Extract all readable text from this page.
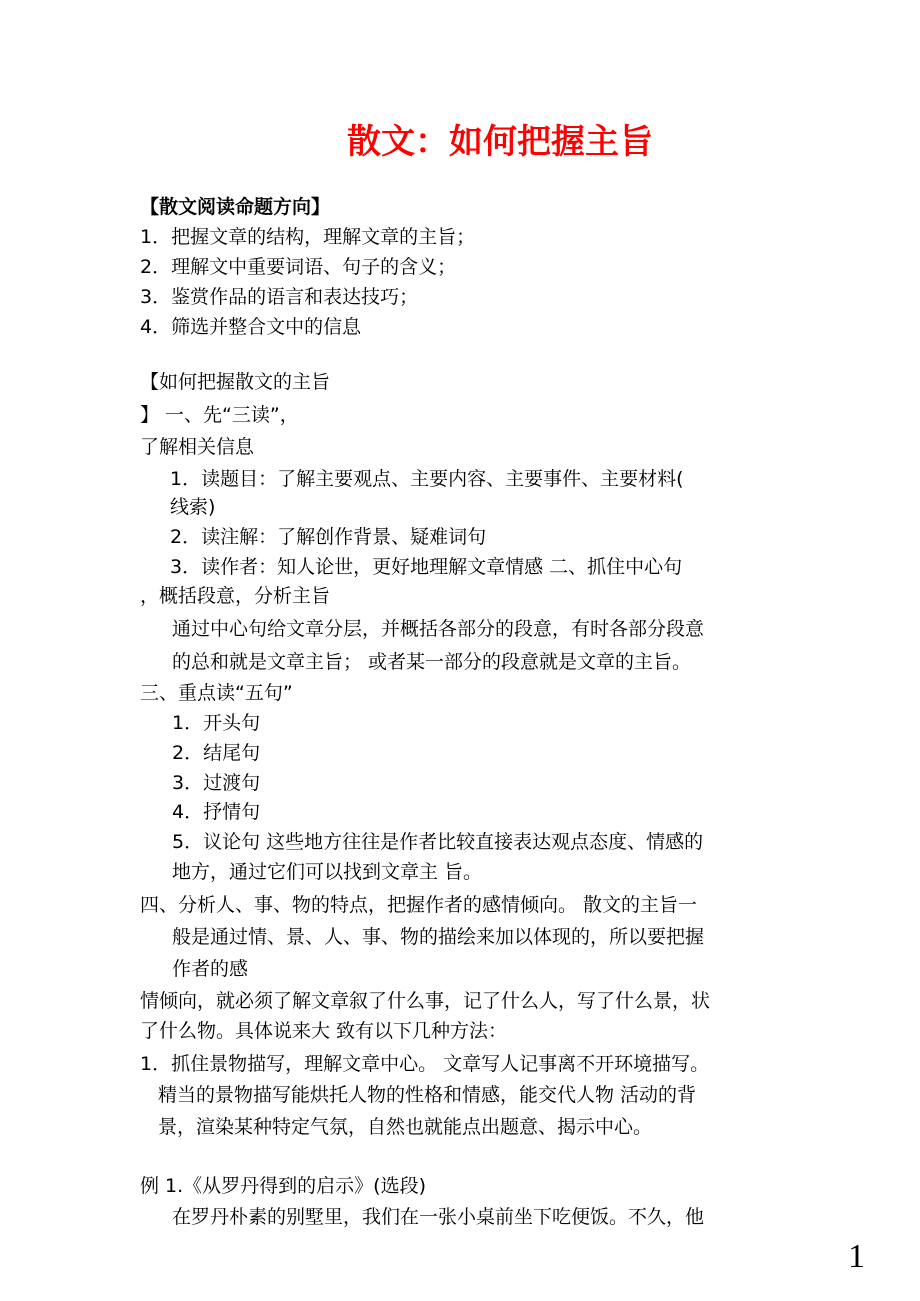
散文：如何把握主旨
【散文阅读命题方向】
1．把握文章的结构，理解文章的主旨；
2．理解文中重要词语、句子的含义；
3．鉴赏作品的语言和表达技巧；
4．筛选并整合文中的信息
【如何把握散文的主旨
】 一、先“三读”，
了解相关信息
1．读题目：了解主要观点、主要内容、主要事件、主要材料(
线索)
2．读注解：了解创作背景、疑难词句
3．读作者：知人论世，更好地理解文章情感 二、抓住中心句
，概括段意，分析主旨
通过中心句给文章分层，并概括各部分的段意，有时各部分段意
的总和就是文章主旨； 或者某一部分的段意就是文章的主旨。
三、重点读“五句”
1．开头句
2．结尾句
3．过渡句
4．抒情句
5．议论句 这些地方往往是作者比较直接表达观点态度、情感的
地方，通过它们可以找到文章主 旨。
四、分析人、事、物的特点，把握作者的感情倾向。 散文的主旨一
般是通过情、景、人、事、物的描绘来加以体现的，所以要把握
作者的感
情倾向，就必须了解文章叙了什么事，记了什么人，写了什么景，状
了什么物。具体说来大 致有以下几种方法：
1．抓住景物描写，理解文章中心。 文章写人记事离不开环境描写。
精当的景物描写能烘托人物的性格和情感，能交代人物 活动的背
景，渲染某种特定气氛，自然也就能点出题意、揭示中心。
例 1.《从罗丹得到的启示》(选段)
在罗丹朴素的别墅里，我们在一张小桌前坐下吃便饭。不久，他
1
